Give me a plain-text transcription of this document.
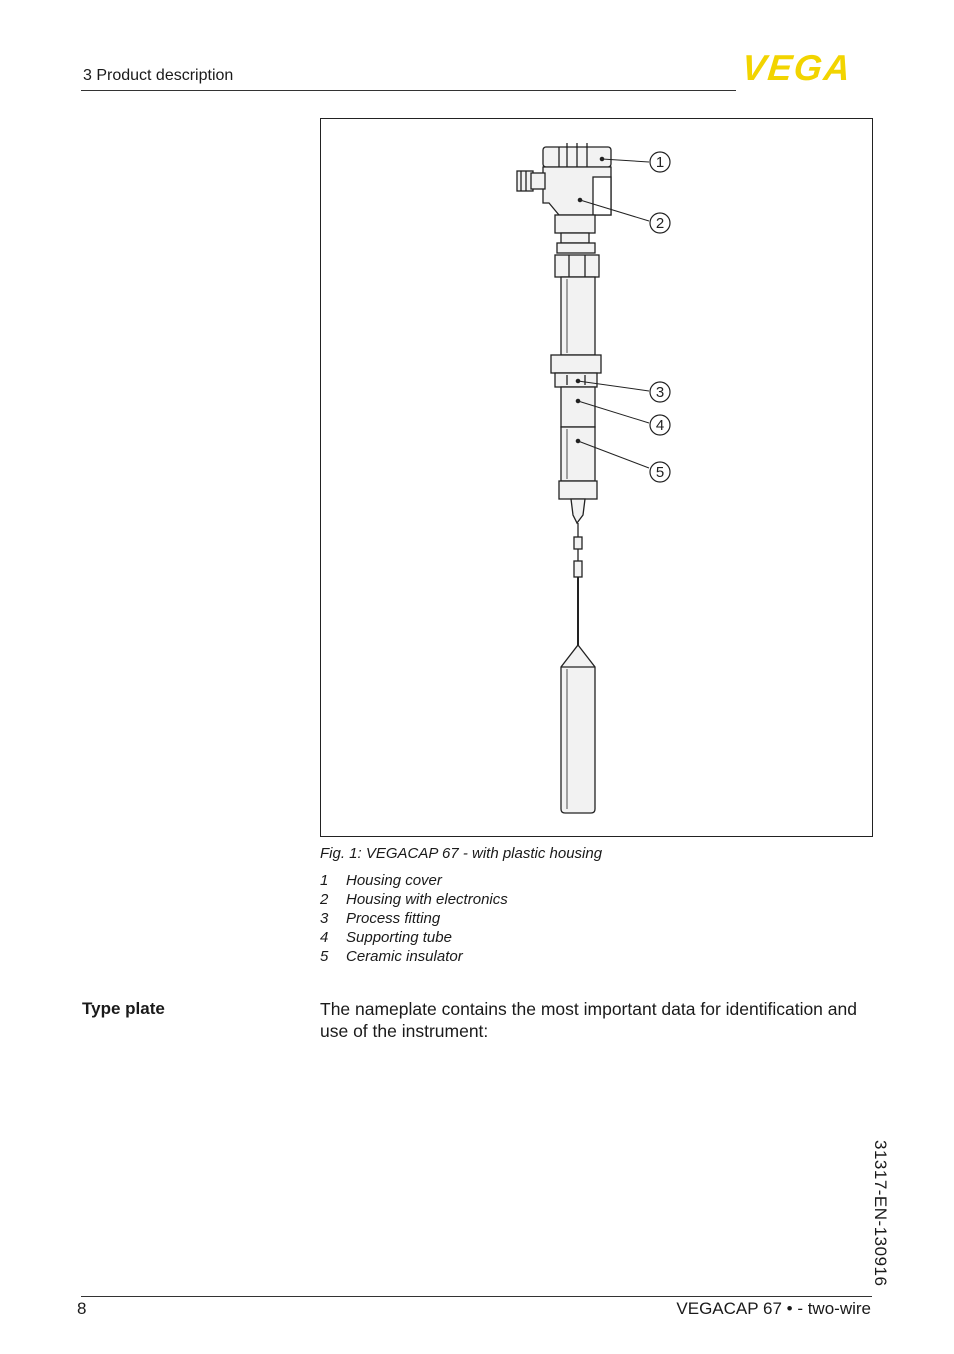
3 Product description	VEGA
1
2
3
4
5
Fig. 1: VEGACAP 67 - with plastic housing
1	Housing cover
2	Housing with electronics
3	Process fitting
4	Supporting tube
5	Ceramic insulator
Type plate	The nameplate contains the most important data for identification and use of the instrument:
31317-EN-130916
8	VEGACAP 67 • - two-wire
